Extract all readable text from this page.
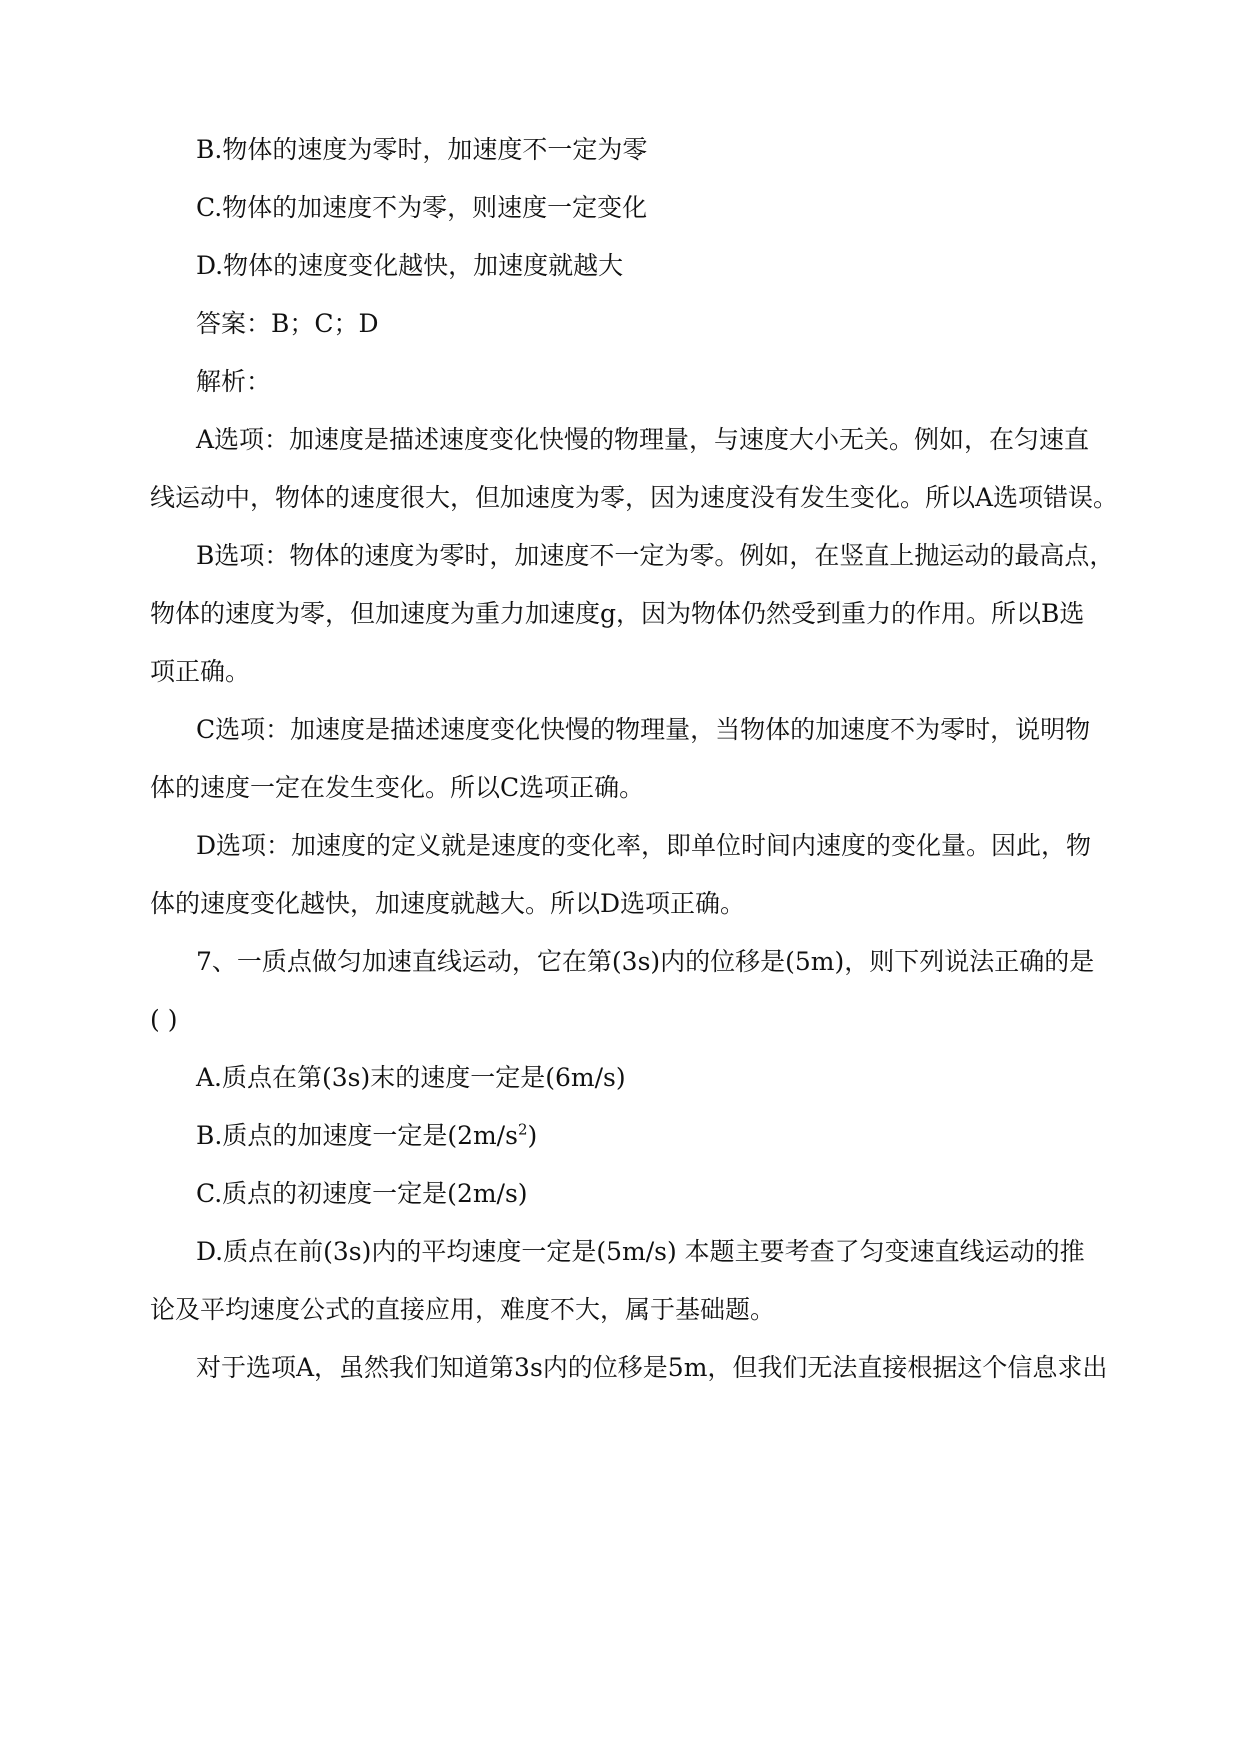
B.物体的速度为零时，加速度不一定为零
C.物体的加速度不为零，则速度一定变化
D.物体的速度变化越快，加速度就越大
答案：B；C；D
解析：
A选项：加速度是描述速度变化快慢的物理量，与速度大小无关。例如，在匀速直
线运动中，物体的速度很大，但加速度为零，因为速度没有发生变化。所以A选项错误。
B选项：物体的速度为零时，加速度不一定为零。例如，在竖直上抛运动的最高点，
物体的速度为零，但加速度为重力加速度g，因为物体仍然受到重力的作用。所以B选
项正确。
C选项：加速度是描述速度变化快慢的物理量，当物体的加速度不为零时，说明物
体的速度一定在发生变化。所以C选项正确。
D选项：加速度的定义就是速度的变化率，即单位时间内速度的变化量。因此，物
体的速度变化越快，加速度就越大。所以D选项正确。
7、一质点做匀加速直线运动，它在第(3s)内的位移是(5m)，则下列说法正确的是
( )
A.质点在第(3s)末的速度一定是(6m/s)
B.质点的加速度一定是$(2m/s^2)$
C.质点的初速度一定是(2m/s)
D.质点在前(3s)内的平均速度一定是(5m/s) 本题主要考查了匀变速直线运动的推
论及平均速度公式的直接应用，难度不大，属于基础题。
对于选项A，虽然我们知道第3s内的位移是5m，但我们无法直接根据这个信息求出
